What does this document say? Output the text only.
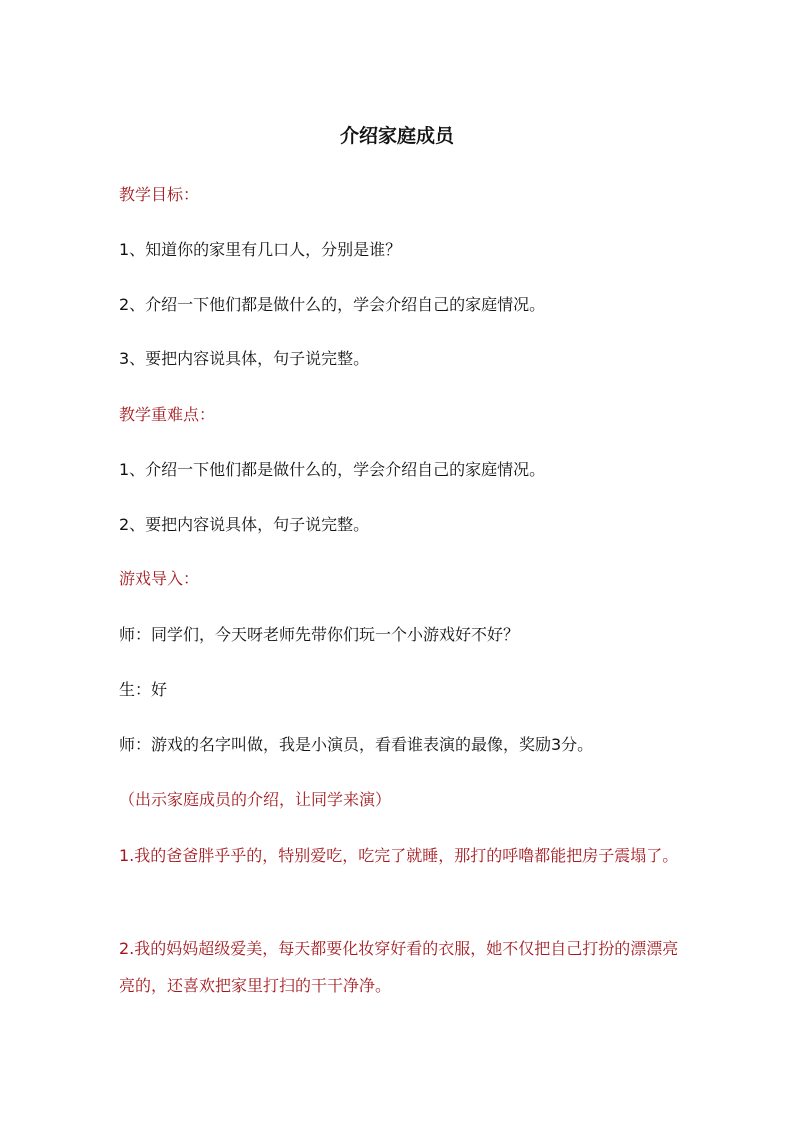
介绍家庭成员
教学目标：
1、知道你的家里有几口人，分别是谁？
2、介绍一下他们都是做什么的，学会介绍自己的家庭情况。
3、要把内容说具体，句子说完整。
教学重难点：
1、介绍一下他们都是做什么的，学会介绍自己的家庭情况。
2、要把内容说具体，句子说完整。
游戏导入：
师：同学们，今天呀老师先带你们玩一个小游戏好不好？
生：好
师：游戏的名字叫做，我是小演员，看看谁表演的最像，奖励3分。
（出示家庭成员的介绍，让同学来演）
1.我的爸爸胖乎乎的，特别爱吃，吃完了就睡，那打的呼噜都能把房子震塌了。
2.我的妈妈超级爱美，每天都要化妆穿好看的衣服，她不仅把自己打扮的漂漂亮亮的，还喜欢把家里打扫的干干净净。
